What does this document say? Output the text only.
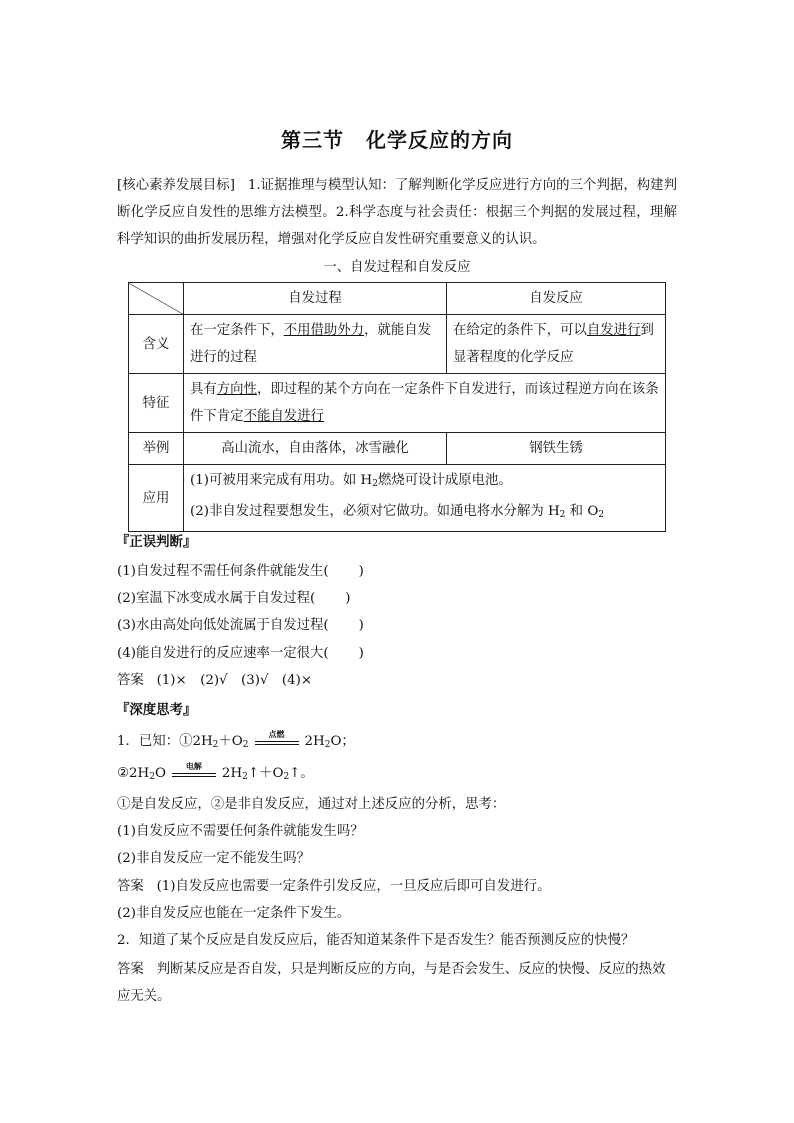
第三节 化学反应的方向
[核心素养发展目标] 1.证据推理与模型认知：了解判断化学反应进行方向的三个判据，构建判断化学反应自发性的思维方法模型。2.科学态度与社会责任：根据三个判据的发展过程，理解科学知识的曲折发展历程，增强对化学反应自发性研究重要意义的认识。
一、自发过程和自发反应
	自发过程	自发反应
含义	在一定条件下，不用借助外力，就能自发进行的过程	在给定的条件下，可以自发进行到显著程度的化学反应
特征	具有方向性，即过程的某个方向在一定条件下自发进行，而该过程逆方向在该条件下肯定不能自发进行	
举例	高山流水，自由落体，冰雪融化	钢铁生锈
应用	(1)可被用来完成有用功。如 $H_2$燃烧可设计成原电池。
(2)非自发过程要想发生，必须对它做功。如通电将水分解为 $H_2$ 和 $O_2$
『正误判断』
(1)自发过程不需任何条件就能发生( )
(2)室温下冰变成水属于自发过程( )
(3)水由高处向低处流属于自发过程( )
(4)能自发进行的反应速率一定很大( )
答案 (1)×　(2)√　(3)√　(4)×
『深度思考』
1．已知：$①2H_2+O_2$
点燃	$2H_2O$；
$②2H_2O$	电解	$2H_2↑+O_2↑$。
①是自发反应，②是非自发反应，通过对上述反应的分析，思考：
(1)自发反应不需要任何条件就能发生吗？
(2)非自发反应一定不能发生吗？
答案 (1)自发反应也需要一定条件引发反应，一旦反应后即可自发进行。
(2)非自发反应也能在一定条件下发生。
2．知道了某个反应是自发反应后，能否知道某条件下是否发生？能否预测反应的快慢？
答案 判断某反应是否自发，只是判断反应的方向，与是否会发生、反应的快慢、反应的热效应无关。
